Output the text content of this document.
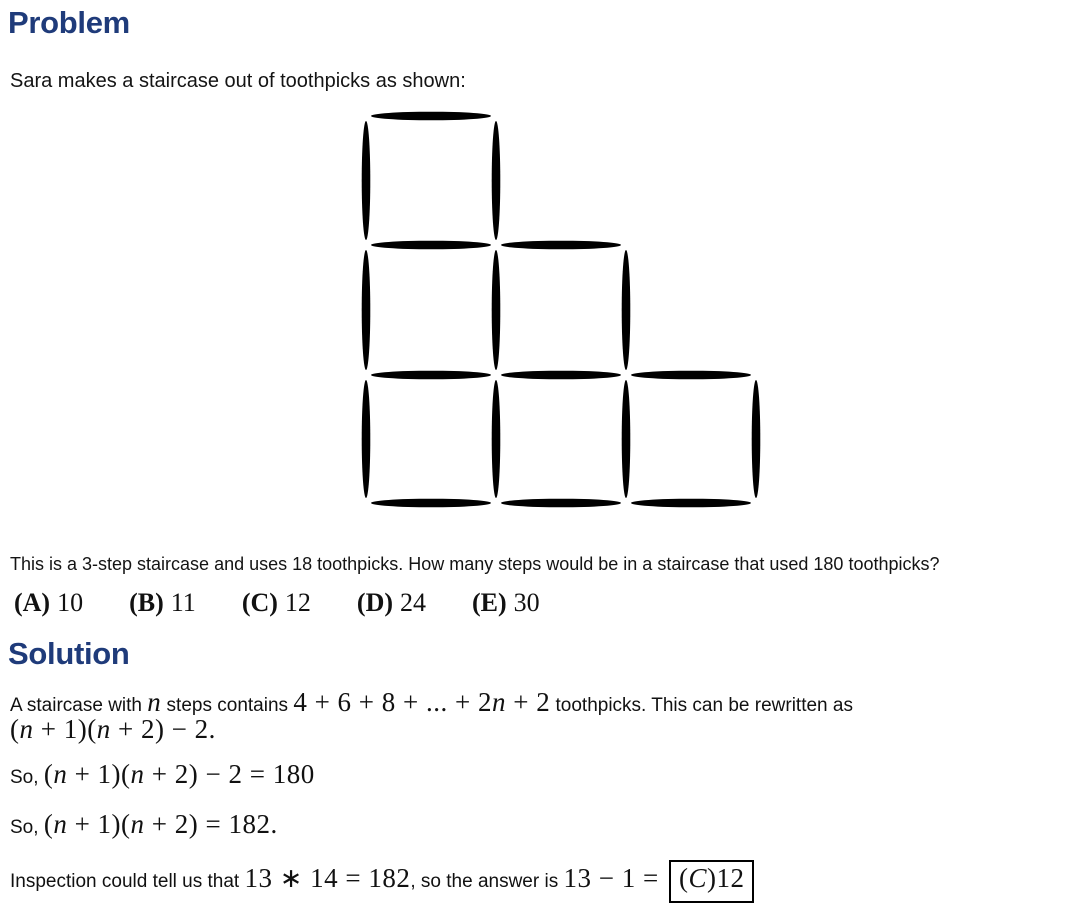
Problem

Sara makes a staircase out of toothpicks as shown:

This is a 3-step staircase and uses 18 toothpicks. How many steps would be in a staircase that used 180 toothpicks?

(A) 10 (B) 11 (C) 12 (D) 24 (E) 30
Solution
A staircase with n steps contains 4 + 6 + 8 + ... + 2n + 2 toothpicks. This can be rewritten as
(n + 1)(n + 2) − 2.
So, (n + 1)(n + 2) − 2 = 180
So, (n + 1)(n + 2) = 182.
Inspection could tell us that 13 ∗ 14 = 182, so the answer is 13 − 1 = (C)12
